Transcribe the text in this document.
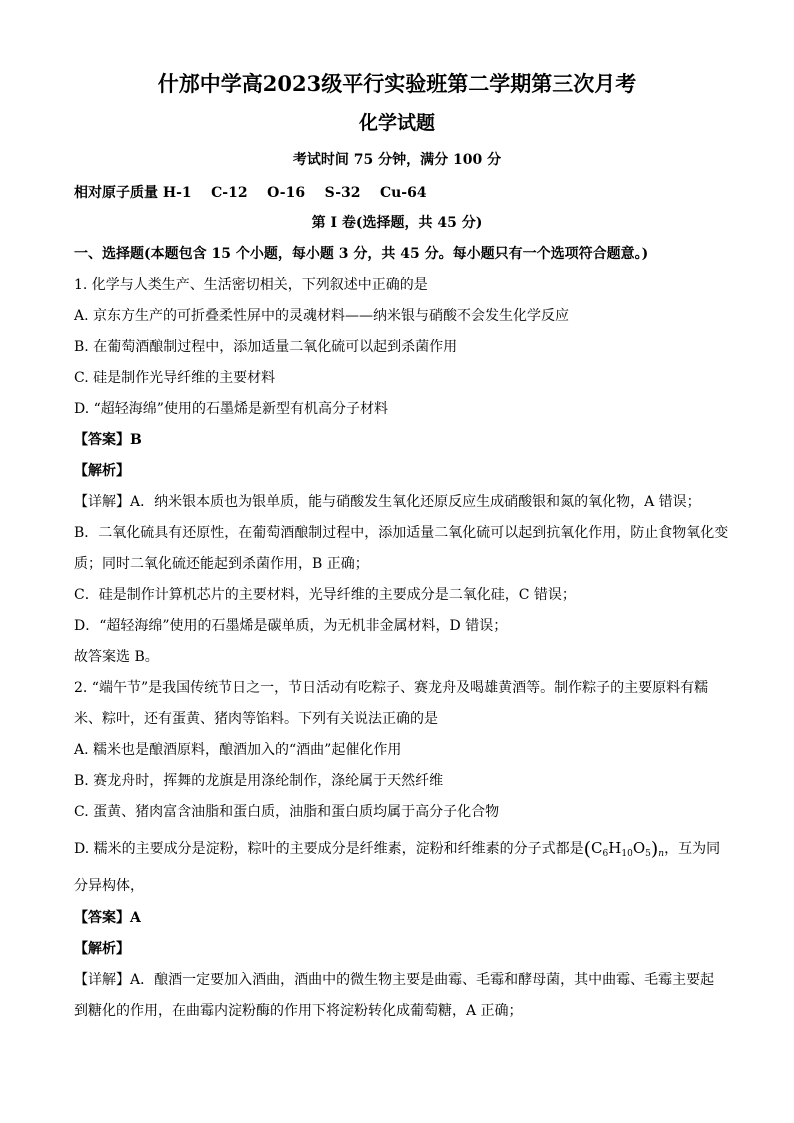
什邡中学高2023级平行实验班第二学期第三次月考
化学试题
考试时间 75 分钟，满分 100 分
相对原子质量 H-1    C-12    O-16    S-32    Cu-64
第 I 卷(选择题，共 45 分)
一、选择题(本题包含 15 个小题，每小题 3 分，共 45 分。每小题只有一个选项符合题意。)
1. 化学与人类生产、生活密切相关，下列叙述中正确的是
A. 京东方生产的可折叠柔性屏中的灵魂材料——纳米银与硝酸不会发生化学反应
B. 在葡萄酒酿制过程中，添加适量二氧化硫可以起到杀菌作用
C. 硅是制作光导纤维的主要材料
D. “超轻海绵”使用的石墨烯是新型有机高分子材料
【答案】B
【解析】
【详解】A．纳米银本质也为银单质，能与硝酸发生氧化还原反应生成硝酸银和氮的氧化物，A 错误；
B．二氧化硫具有还原性，在葡萄酒酿制过程中，添加适量二氧化硫可以起到抗氧化作用，防止食物氧化变
质；同时二氧化硫还能起到杀菌作用，B 正确；
C．硅是制作计算机芯片的主要材料，光导纤维的主要成分是二氧化硅，C 错误；
D．“超轻海绵”使用的石墨烯是碳单质，为无机非金属材料，D 错误；
故答案选 B。
2. “端午节”是我国传统节日之一，节日活动有吃粽子、赛龙舟及喝雄黄酒等。制作粽子的主要原料有糯
米、粽叶，还有蛋黄、猪肉等馅料。下列有关说法正确的是
A. 糯米也是酿酒原料，酿酒加入的“酒曲”起催化作用
B. 赛龙舟时，挥舞的龙旗是用涤纶制作，涤纶属于天然纤维
C. 蛋黄、猪肉富含油脂和蛋白质，油脂和蛋白质均属于高分子化合物
D. 糯米的主要成分是淀粉，粽叶的主要成分是纤维素，淀粉和纤维素的分子式都是$(C_6H_{10}O_5)_n$，互为同
分异构体，
【答案】A
【解析】
【详解】A．酿酒一定要加入酒曲，酒曲中的微生物主要是曲霉、毛霉和酵母菌，其中曲霉、毛霉主要起
到糖化的作用，在曲霉内淀粉酶的作用下将淀粉转化成葡萄糖，A 正确；
